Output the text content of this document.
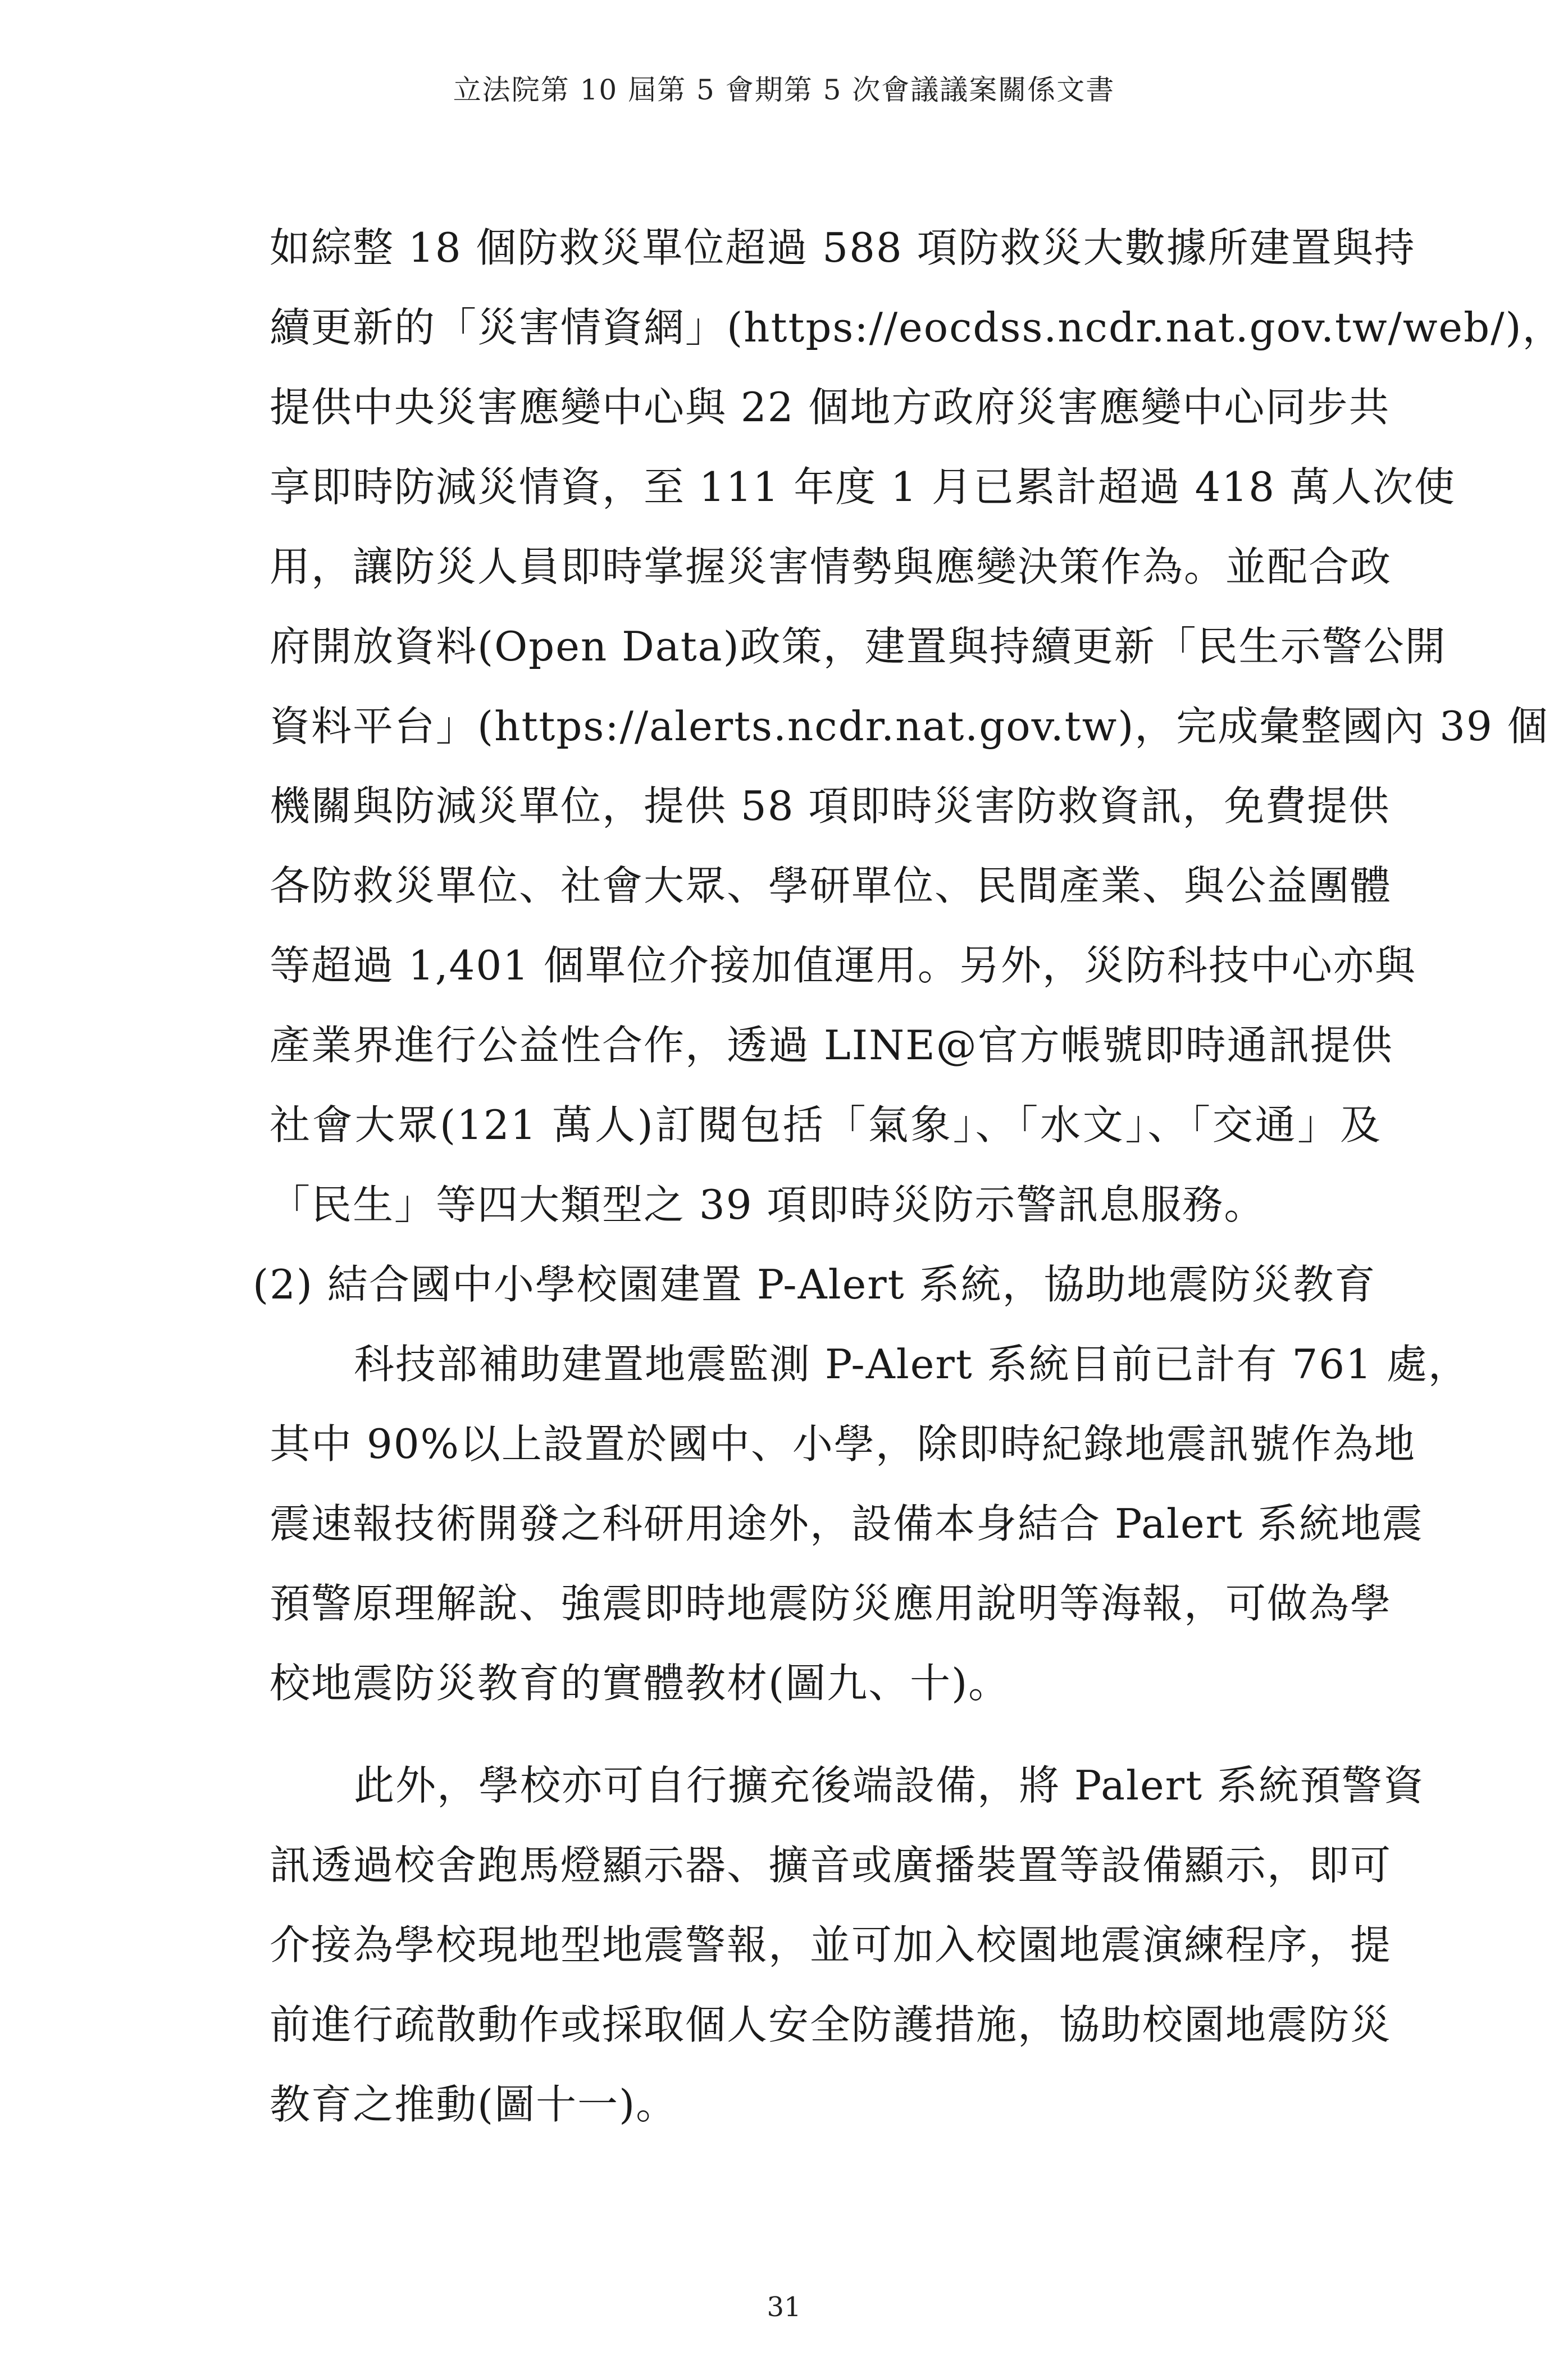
立法院第 10 屆第 5 會期第 5 次會議議案關係文書
如綜整 18 個防救災單位超過 588 項防救災大數據所建置與持
續更新的「災害情資網」(https://eocdss.ncdr.nat.gov.tw/web/)，
提供中央災害應變中心與 22 個地方政府災害應變中心同步共
享即時防減災情資，至 111 年度 1 月已累計超過 418 萬人次使
用，讓防災人員即時掌握災害情勢與應變決策作為。並配合政
府開放資料(Open Data)政策，建置與持續更新「民生示警公開
資料平台」(https://alerts.ncdr.nat.gov.tw)，完成彙整國內 39 個
機關與防減災單位，提供 58 項即時災害防救資訊，免費提供
各防救災單位、社會大眾、學研單位、民間產業、與公益團體
等超過 1,401 個單位介接加值運用。另外，災防科技中心亦與
產業界進行公益性合作，透過 LINE@官方帳號即時通訊提供
社會大眾(121 萬人)訂閱包括「氣象」、「水文」、「交通」及
「民生」等四大類型之 39 項即時災防示警訊息服務。
(2) 結合國中小學校園建置 P-Alert 系統，協助地震防災教育
科技部補助建置地震監測 P-Alert 系統目前已計有 761 處，
其中 90%以上設置於國中、小學，除即時紀錄地震訊號作為地
震速報技術開發之科研用途外，設備本身結合 Palert 系統地震
預警原理解說、強震即時地震防災應用說明等海報，可做為學
校地震防災教育的實體教材(圖九、十)。
此外，學校亦可自行擴充後端設備，將 Palert 系統預警資
訊透過校舍跑馬燈顯示器、擴音或廣播裝置等設備顯示，即可
介接為學校現地型地震警報，並可加入校園地震演練程序，提
前進行疏散動作或採取個人安全防護措施，協助校園地震防災
教育之推動(圖十一)。
31
